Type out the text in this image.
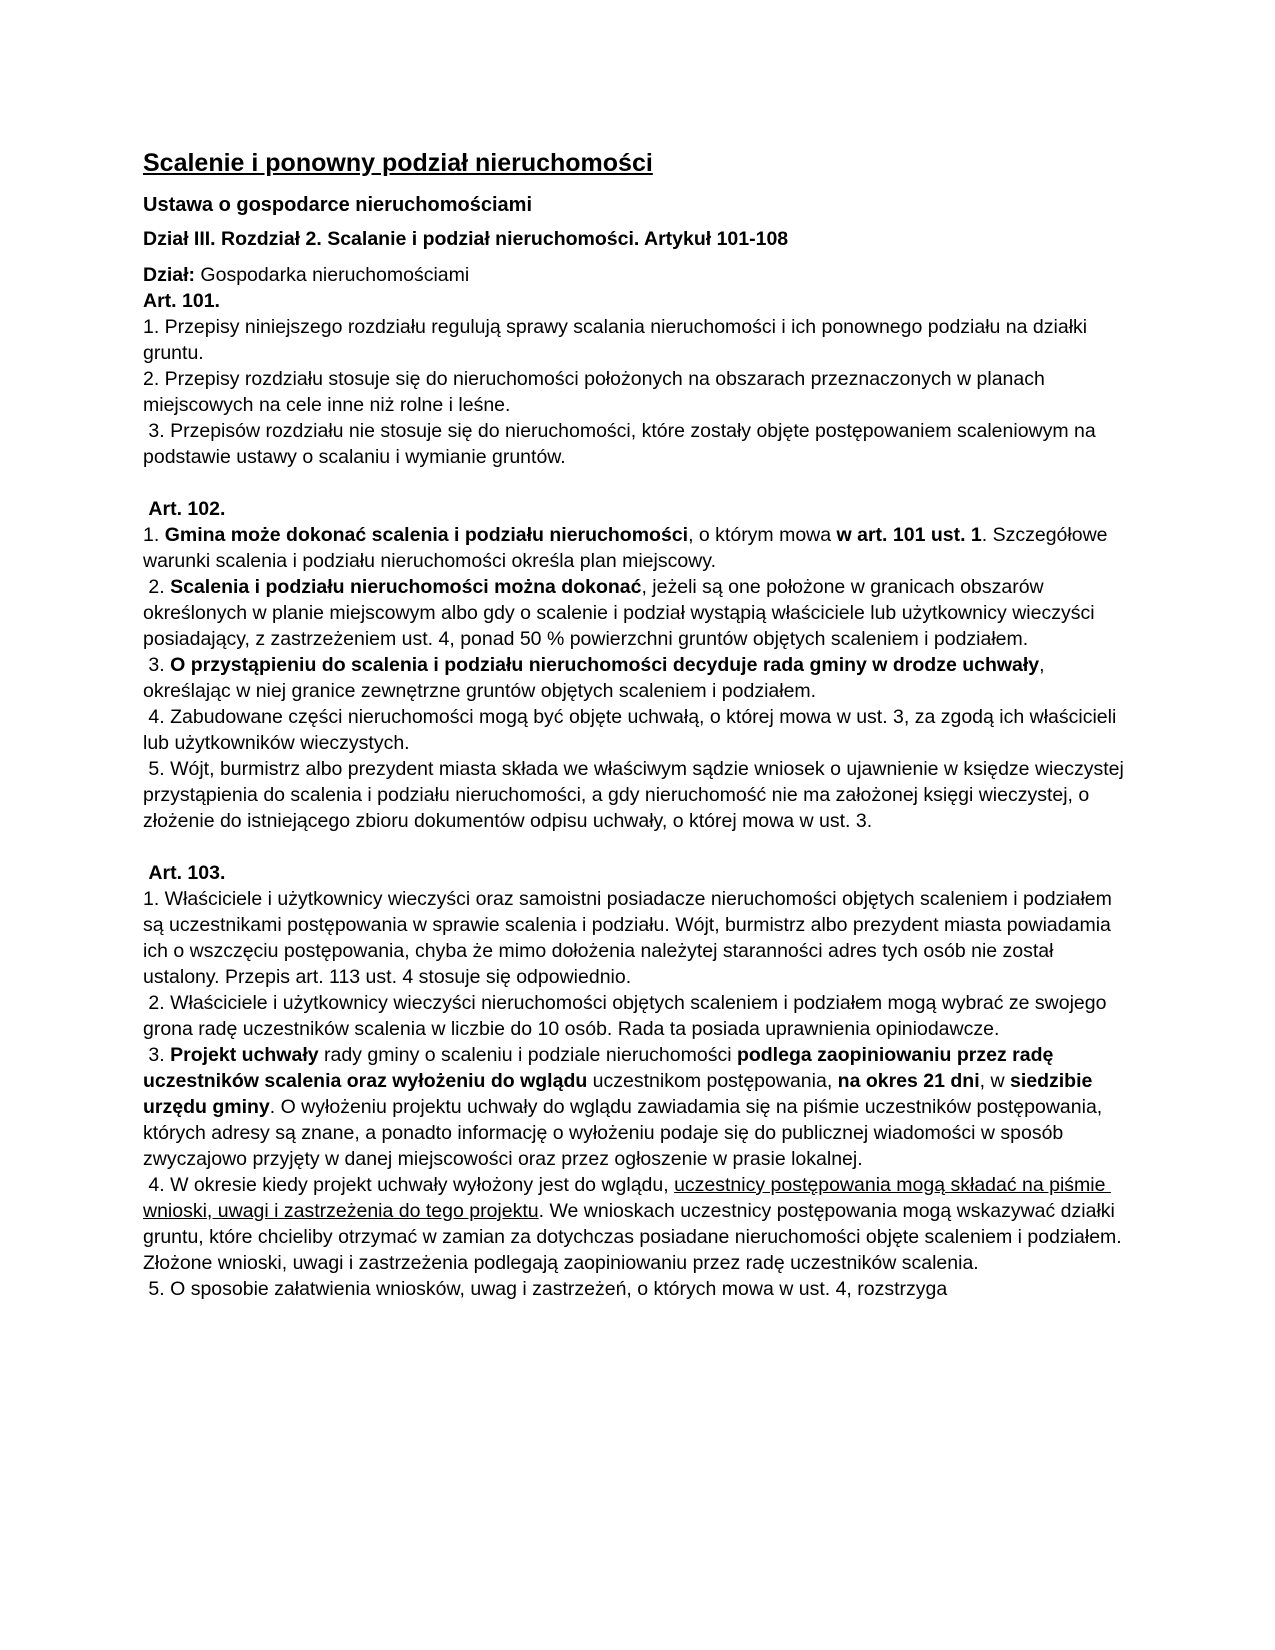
Scalenie i ponowny podział nieruchomości
Ustawa o gospodarce nieruchomościami
Dział III. Rozdział 2. Scalanie i podział nieruchomości. Artykuł 101-108

Dział: Gospodarka nieruchomościami

Art. 101.

1. Przepisy niniejszego rozdziału regulują sprawy scalania nieruchomości i ich ponownego podziału na działki gruntu.

2. Przepisy rozdziału stosuje się do nieruchomości położonych na obszarach przeznaczonych w planach miejscowych na cele inne niż rolne i leśne.

3. Przepisów rozdziału nie stosuje się do nieruchomości, które zostały objęte postępowaniem scaleniowym na podstawie ustawy o scalaniu i wymianie gruntów.

Art. 102.

1. Gmina może dokonać scalenia i podziału nieruchomości, o którym mowa w art. 101 ust. 1. Szczegółowe warunki scalenia i podziału nieruchomości określa plan miejscowy.

2. Scalenia i podziału nieruchomości można dokonać, jeżeli są one położone w granicach obszarów określonych w planie miejscowym albo gdy o scalenie i podział wystąpią właściciele lub użytkownicy wieczyści posiadający, z zastrzeżeniem ust. 4, ponad 50 % powierzchni gruntów objętych scaleniem i podziałem.

3. O przystąpieniu do scalenia i podziału nieruchomości decyduje rada gminy w drodze uchwały, określając w niej granice zewnętrzne gruntów objętych scaleniem i podziałem.

4. Zabudowane części nieruchomości mogą być objęte uchwałą, o której mowa w ust. 3, za zgodą ich właścicieli lub użytkowników wieczystych.

5. Wójt, burmistrz albo prezydent miasta składa we właściwym sądzie wniosek o ujawnienie w księdze wieczystej przystąpienia do scalenia i podziału nieruchomości, a gdy nieruchomość nie ma założonej księgi wieczystej, o złożenie do istniejącego zbioru dokumentów odpisu uchwały, o której mowa w ust. 3.

Art. 103.

1. Właściciele i użytkownicy wieczyści oraz samoistni posiadacze nieruchomości objętych scaleniem i podziałem są uczestnikami postępowania w sprawie scalenia i podziału. Wójt, burmistrz albo prezydent miasta powiadamia ich o wszczęciu postępowania, chyba że mimo dołożenia należytej staranności adres tych osób nie został ustalony. Przepis art. 113 ust. 4 stosuje się odpowiednio.

2. Właściciele i użytkownicy wieczyści nieruchomości objętych scaleniem i podziałem mogą wybrać ze swojego grona radę uczestników scalenia w liczbie do 10 osób. Rada ta posiada uprawnienia opiniodawcze.

3. Projekt uchwały rady gminy o scaleniu i podziale nieruchomości podlega zaopiniowaniu przez radę uczestników scalenia oraz wyłożeniu do wglądu uczestnikom postępowania, na okres 21 dni, w siedzibie urzędu gminy. O wyłożeniu projektu uchwały do wglądu zawiadamia się na piśmie uczestników postępowania, których adresy są znane, a ponadto informację o wyłożeniu podaje się do publicznej wiadomości w sposób zwyczajowo przyjęty w danej miejscowości oraz przez ogłoszenie w prasie lokalnej.

4. W okresie kiedy projekt uchwały wyłożony jest do wglądu, uczestnicy postępowania mogą składać na piśmie wnioski, uwagi i zastrzeżenia do tego projektu. We wnioskach uczestnicy postępowania mogą wskazywać działki gruntu, które chcieliby otrzymać w zamian za dotychczas posiadane nieruchomości objęte scaleniem i podziałem. Złożone wnioski, uwagi i zastrzeżenia podlegają zaopiniowaniu przez radę uczestników scalenia.

5. O sposobie załatwienia wniosków, uwag i zastrzeżeń, o których mowa w ust. 4, rozstrzyga
